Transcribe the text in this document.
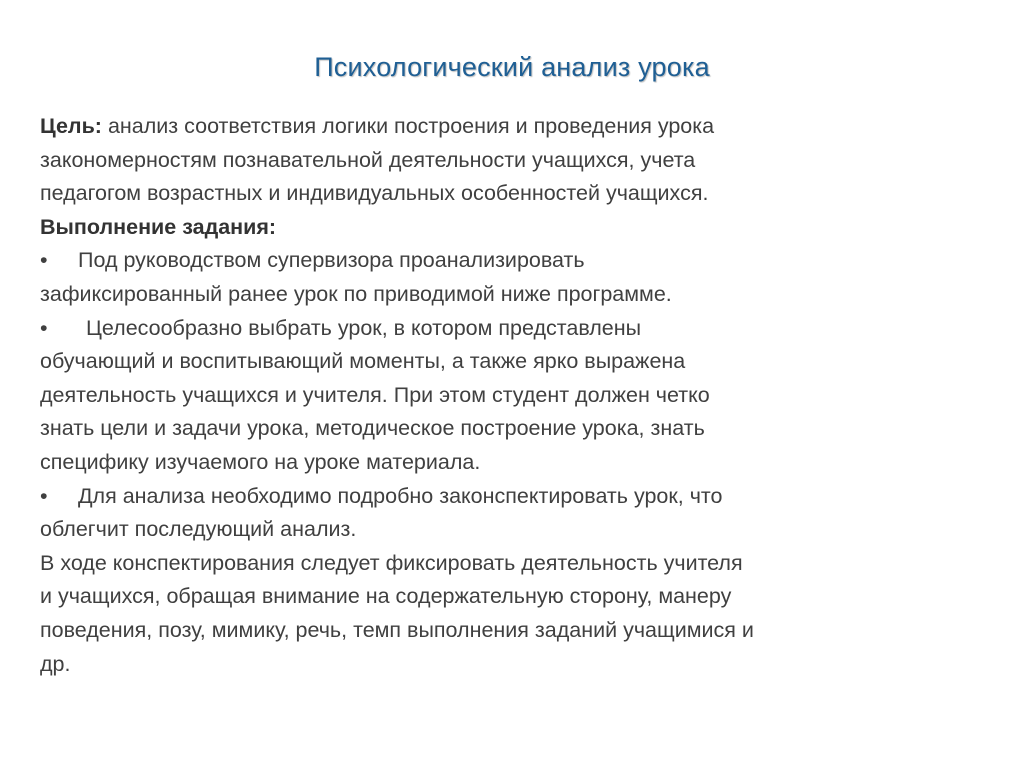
Психологический анализ урока
Цель: анализ соответствия логики построения и проведения урока
закономерностям познавательной деятельности учащихся, учета
педагогом возрастных и индивидуальных особенностей учащихся.
Выполнение задания:
• Под руководством супервизора проанализировать
зафиксированный ранее урок по приводимой ниже программе.
• Целесообразно выбрать урок, в котором представлены
обучающий и воспитывающий моменты, а также ярко выражена
деятельность учащихся и учителя. При этом студент должен четко
знать цели и задачи урока, методическое построение урока, знать
специфику изучаемого на уроке материала.
• Для анализа необходимо подробно законспектировать урок, что
облегчит последующий анализ.
В ходе конспектирования следует фиксировать деятельность учителя
и учащихся, обращая внимание на содержательную сторону, манеру
поведения, позу, мимику, речь, темп выполнения заданий учащимися и
др.
